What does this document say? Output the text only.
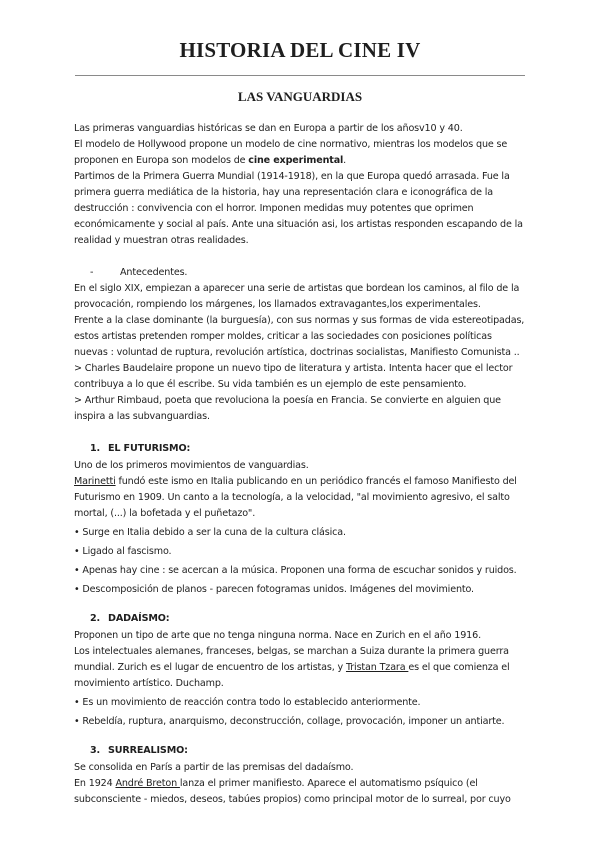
HISTORIA DEL CINE IV
LAS VANGUARDIAS

Las primeras vanguardias históricas se dan en Europa a partir de los añosv10 y 40.

El modelo de Hollywood propone un modelo de cine normativo, mientras los modelos que se

proponen en Europa son modelos de cine experimental.

Partimos de la Primera Guerra Mundial (1914-1918), en la que Europa quedó arrasada. Fue la

primera guerra mediática de la historia, hay una representación clara e iconográfica de la

destrucción : convivencia con el horror. Imponen medidas muy potentes que oprimen

económicamente y social al país. Ante una situación asi, los artistas responden escapando de la

realidad y muestran otras realidades.

-	Antecedentes.

En el siglo XIX, empiezan a aparecer una serie de artistas que bordean los caminos, al filo de la

provocación, rompiendo los márgenes, los llamados extravagantes,los experimentales.

Frente a la clase dominante (la burguesía), con sus normas y sus formas de vida estereotipadas,

estos artistas pretenden romper moldes, criticar a las sociedades con posiciones políticas

nuevas : voluntad de ruptura, revolución artística, doctrinas socialistas, Manifiesto Comunista ..

> Charles Baudelaire propone un nuevo tipo de literatura y artista. Intenta hacer que el lector

contribuya a lo que él escribe. Su vida también es un ejemplo de este pensamiento.

> Arthur Rimbaud, poeta que revoluciona la poesía en Francia. Se convierte en alguien que

inspira a las subvanguardias.

1. EL FUTURISMO:

Uno de los primeros movimientos de vanguardias.

Marinetti fundó este ismo en Italia publicando en un periódico francés el famoso Manifiesto del

Futurismo en 1909. Un canto a la tecnología, a la velocidad, "al movimiento agresivo, el salto

mortal, (...) la bofetada y el puñetazo".

• Surge en Italia debido a ser la cuna de la cultura clásica.

• Ligado al fascismo.

• Apenas hay cine : se acercan a la música. Proponen una forma de escuchar sonidos y ruidos.

• Descomposición de planos - parecen fotogramas unidos. Imágenes del movimiento.

2. DADAÍSMO:

Proponen un tipo de arte que no tenga ninguna norma. Nace en Zurich en el año 1916.

Los intelectuales alemanes, franceses, belgas, se marchan a Suiza durante la primera guerra

mundial. Zurich es el lugar de encuentro de los artistas, y Tristan Tzara es el que comienza el

movimiento artístico. Duchamp.

• Es un movimiento de reacción contra todo lo establecido anteriormente.

• Rebeldía, ruptura, anarquismo, deconstrucción, collage, provocación, imponer un antiarte.

3. SURREALISMO:

Se consolida en París a partir de las premisas del dadaísmo.

En 1924 André Breton lanza el primer manifiesto. Aparece el automatismo psíquico (el

subconsciente - miedos, deseos, tabúes propios) como principal motor de lo surreal, por cuyo
